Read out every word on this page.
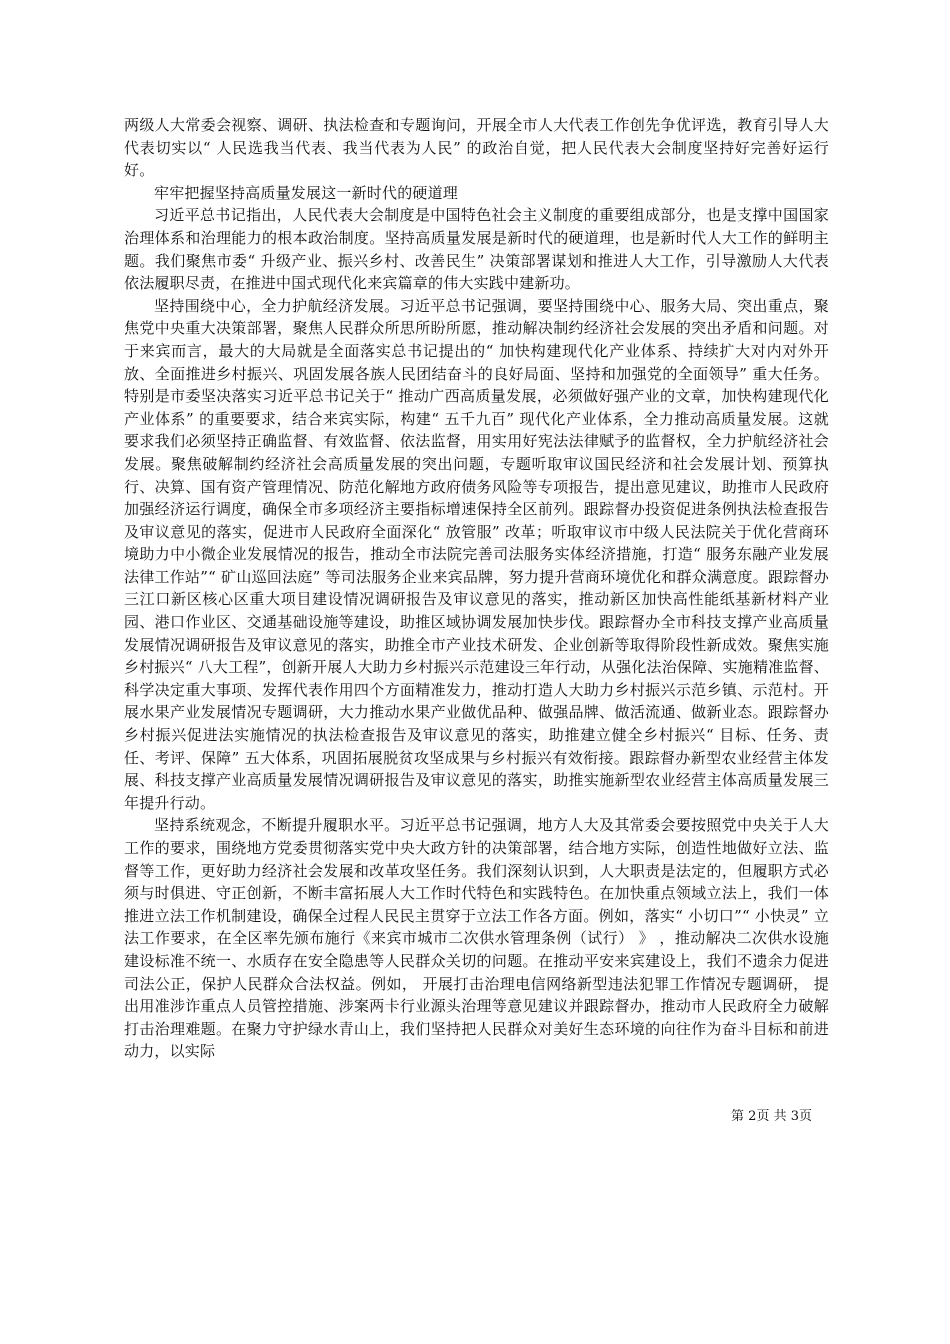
两级人大常委会视察、调研、执法检查和专题询问，开展全市人大代表工作创先争优评选，教育引导人大代表切实以“ 人民选我当代表、我当代表为人民” 的政治自觉，把人民代表大会制度坚持好完善好运行好。

牢牢把握坚持高质量发展这一新时代的硬道理

习近平总书记指出，人民代表大会制度是中国特色社会主义制度的重要组成部分，也是支撑中国国家治理体系和治理能力的根本政治制度。坚持高质量发展是新时代的硬道理，也是新时代人大工作的鲜明主题。我们聚焦市委“ 升级产业、振兴乡村、改善民生” 决策部署谋划和推进人大工作，引导激励人大代表依法履职尽责，在推进中国式现代化来宾篇章的伟大实践中建新功。

坚持围绕中心，全力护航经济发展。习近平总书记强调，要坚持围绕中心、服务大局、突出重点，聚焦党中央重大决策部署，聚焦人民群众所思所盼所愿，推动解决制约经济社会发展的突出矛盾和问题。对于来宾而言，最大的大局就是全面落实总书记提出的“ 加快构建现代化产业体系、持续扩大对内对外开放、全面推进乡村振兴、巩固发展各族人民团结奋斗的良好局面、坚持和加强党的全面领导” 重大任务。特别是市委坚决落实习近平总书记关于“ 推动广西高质量发展，必须做好强产业的文章，加快构建现代化产业体系” 的重要要求，结合来宾实际，构建“ 五千九百” 现代化产业体系，全力推动高质量发展。这就要求我们必须坚持正确监督、有效监督、依法监督，用实用好宪法法律赋予的监督权，全力护航经济社会发展。聚焦破解制约经济社会高质量发展的突出问题，专题听取审议国民经济和社会发展计划、预算执行、决算、国有资产管理情况、防范化解地方政府债务风险等专项报告，提出意见建议，助推市人民政府加强经济运行调度，确保全市多项经济主要指标增速保持全区前列。跟踪督办投资促进条例执法检查报告及审议意见的落实，促进市人民政府全面深化“ 放管服” 改革；听取审议市中级人民法院关于优化营商环境助力中小微企业发展情况的报告，推动全市法院完善司法服务实体经济措施，打造“ 服务东融产业发展法律工作站”“ 矿山巡回法庭” 等司法服务企业来宾品牌，努力提升营商环境优化和群众满意度。跟踪督办三江口新区核心区重大项目建设情况调研报告及审议意见的落实，推动新区加快高性能纸基新材料产业园、港口作业区、交通基础设施等建设，助推区域协调发展加快步伐。跟踪督办全市科技支撑产业高质量发展情况调研报告及审议意见的落实，助推全市产业技术研发、企业创新等取得阶段性新成效。聚焦实施乡村振兴“ 八大工程”，创新开展人大助力乡村振兴示范建设三年行动，从强化法治保障、实施精准监督、科学决定重大事项、发挥代表作用四个方面精准发力，推动打造人大助力乡村振兴示范乡镇、示范村。开展水果产业发展情况专题调研，大力推动水果产业做优品种、做强品牌、做活流通、做新业态。跟踪督办乡村振兴促进法实施情况的执法检查报告及审议意见的落实，助推建立健全乡村振兴“ 目标、任务、责任、考评、保障” 五大体系，巩固拓展脱贫攻坚成果与乡村振兴有效衔接。跟踪督办新型农业经营主体发展、科技支撑产业高质量发展情况调研报告及审议意见的落实，助推实施新型农业经营主体高质量发展三年提升行动。

坚持系统观念，不断提升履职水平。习近平总书记强调，地方人大及其常委会要按照党中央关于人大工作的要求，围绕地方党委贯彻落实党中央大政方针的决策部署，结合地方实际，创造性地做好立法、监督等工作，更好助力经济社会发展和改革攻坚任务。我们深刻认识到，人大职责是法定的，但履职方式必须与时俱进、守正创新，不断丰富拓展人大工作时代特色和实践特色。在加快重点领域立法上，我们一体推进立法工作机制建设，确保全过程人民民主贯穿于立法工作各方面。例如，落实“ 小切口”“ 小快灵” 立法工作要求，在全区率先颁布施行《来宾市城市二次供水管理条例（试行） 》 ，推动解决二次供水设施建设标准不统一、水质存在安全隐患等人民群众关切的问题。在推动平安来宾建设上，我们不遗余力促进司法公正，保护人民群众合法权益。例如， 开展打击治理电信网络新型违法犯罪工作情况专题调研， 提出用准涉诈重点人员管控措施、涉案两卡行业源头治理等意见建议并跟踪督办，推动市人民政府全力破解打击治理难题。在聚力守护绿水青山上，我们坚持把人民群众对美好生态环境的向往作为奋斗目标和前进动力，以实际

第 2页 共 3页
